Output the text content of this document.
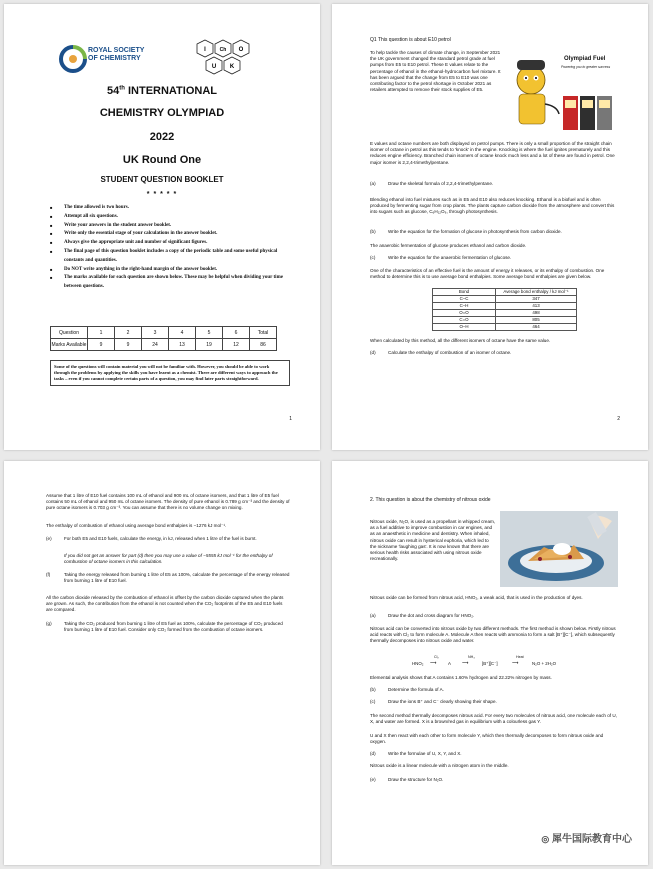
ROYAL SOCIETY
OF CHEMISTRY
I	Ch O
U K
54th INTERNATIONAL
CHEMISTRY OLYMPIAD
2022
UK Round One
STUDENT QUESTION BOOKLET
* * * * *
■ The time allowed is two hours.
■ Attempt all six questions.
■ Write your answers in the student answer booklet.
■ Write only the essential stage of your calculations in the answer booklet.
■ Always give the appropriate unit and number of significant figures.
■ The final page of this question booklet includes a copy of the periodic table and some useful physical constants and quantities.
■ Do NOT write anything in the right-hand margin of the answer booklet.
■ The marks available for each question are shown below. These may be helpful when dividing your time between questions.
Question	1	2	3	4	5	6	Total
Marks Available	9	9	24	13	19	12	86
Some of the questions will contain material you will not be familiar with. However, you should be able to work through the problems by applying the skills you have learnt as a chemist. There are different ways to approach the tasks – even if you cannot complete certain parts of a question, you may find later parts straightforward.
1
Q1 This question is about E10 petrol
To help tackle the causes of climate change, in September 2021 the UK government changed the standard petrol grade at fuel pumps from E5 to E10 petrol. These E values relate to the percentage of ethanol in the ethanol-hydrocarbon fuel mixture. It has been argued that the change from E5 to E10 was one contributing factor to the petrol shortage in October 2021 as retailers attempted to remove their stock supplies of E5.
Olympiad Fuel
Powering you to greater success
E values and octane numbers are both displayed on petrol pumps. There is only a small proportion of the straight chain isomer of octane in petrol as this tends to 'knock' in the engine. Knocking is where the fuel ignites prematurely and this reduces engine efficiency. Branched chain isomers of octane knock much less and a lot of these are found in petrol. One major isomer is 2,2,4-trimethylpentane.
(a)	Draw the skeletal formula of 2,2,4-trimethylpentane.
Blending ethanol into fuel mixtures such as in E5 and E10 also reduces knocking. Ethanol is a biofuel and is often produced by fermenting sugar from crop plants. The plants capture carbon dioxide from the atmosphere and convert this into sugars such as glucose, C₆H₁₂O₆, through photosynthesis.
(b)	Write the equation for the formation of glucose in photosynthesis from carbon dioxide.
The anaerobic fermentation of glucose produces ethanol and carbon dioxide.
(c)	Write the equation for the anaerobic fermentation of glucose.
One of the characteristics of an effective fuel is the amount of energy it releases, or its enthalpy of combustion. One method to determine this is to use average bond enthalpies. Some average bond enthalpies are given below.
Bond	Average bond enthalpy / kJ mol⁻¹
C–C	347
C–H	413
O=O	498
C=O	805
O–H	464
When calculated by this method, all the different isomers of octane have the same value.
(d)	Calculate the enthalpy of combustion of an isomer of octane.
2
Assume that 1 litre of E10 fuel contains 100 mL of ethanol and 900 mL of octane isomers, and that 1 litre of E5 fuel contains 50 mL of ethanol and 950 mL of octane isomers. The density of pure ethanol is 0.789 g cm⁻³ and the density of pure octane isomers is 0.703 g cm⁻³. You can assume that there is no volume change on mixing.
The enthalpy of combustion of ethanol using average bond enthalpies is −1276 kJ mol⁻¹.
(e)	For both E5 and E10 fuels, calculate the energy, in kJ, released when 1 litre of the fuel is burnt.
If you did not get an answer for part (d) then you may use a value of −5555 kJ mol⁻¹ for the enthalpy of combustion of octane isomers in this calculation.
(f)	Taking the energy released from burning 1 litre of E5 as 100%, calculate the percentage of the energy released from burning 1 litre of E10 fuel.
All the carbon dioxide released by the combustion of ethanol is offset by the carbon dioxide captured when the plants are grown. As such, the contribution from the ethanol is not counted when the CO₂ footprints of the E5 and E10 fuels are compared.
(g)	Taking the CO₂ produced from burning 1 litre of E5 fuel as 100%, calculate the percentage of CO₂ produced from burning 1 litre of E10 fuel. Consider only CO₂ formed from the combustion of octane isomers.
2. This question is about the chemistry of nitrous oxide
Nitrous oxide, N₂O, is used as a propellant in whipped cream, as a fuel additive to improve combustion in car engines, and as an anaesthetic in medicine and dentistry. When inhaled, nitrous oxide can result in hysterical euphoria, which led to the nickname 'laughing gas'. It is now known that there are serious health risks associated with using nitrous oxide recreationally.
Nitrous oxide can be formed from nitrous acid, HNO₂, a weak acid, that is used in the production of dyes.
(a)	Draw the dot and cross diagram for HNO₂.
Nitrous acid can be converted into nitrous oxide by two different methods. The first method is shown below. Firstly nitrous acid reacts with Cl₂ to form molecule A. Molecule A then reacts with ammonia to form a salt [B⁺][C⁻], which subsequently thermally decomposes into nitrous oxide and water.
HNO₂
Cl₂
⟶	A
NH₃
⟶	[B⁺][C⁻]
Heat
⟶	N₂O + 2H₂O
Elemental analysis shows that A contains 1.60% hydrogen and 22.22% nitrogen by mass.
(b)	Determine the formula of A.
(c)	Draw the ions B⁺ and C⁻ clearly showing their shape.
The second method thermally decomposes nitrous acid. For every two molecules of nitrous acid, one molecule each of U, X, and water are formed. X is a brown/red gas in equilibrium with a colourless gas Y.
U and X then react with each other to form molecule Y, which then thermally decomposes to form nitrous oxide and oxygen.
(d)	Write the formulae of U, X, Y, and X.
Nitrous oxide is a linear molecule with a nitrogen atom in the middle.
(e)	Draw the structure for N₂O.
◎ 犀牛国际教育中心
